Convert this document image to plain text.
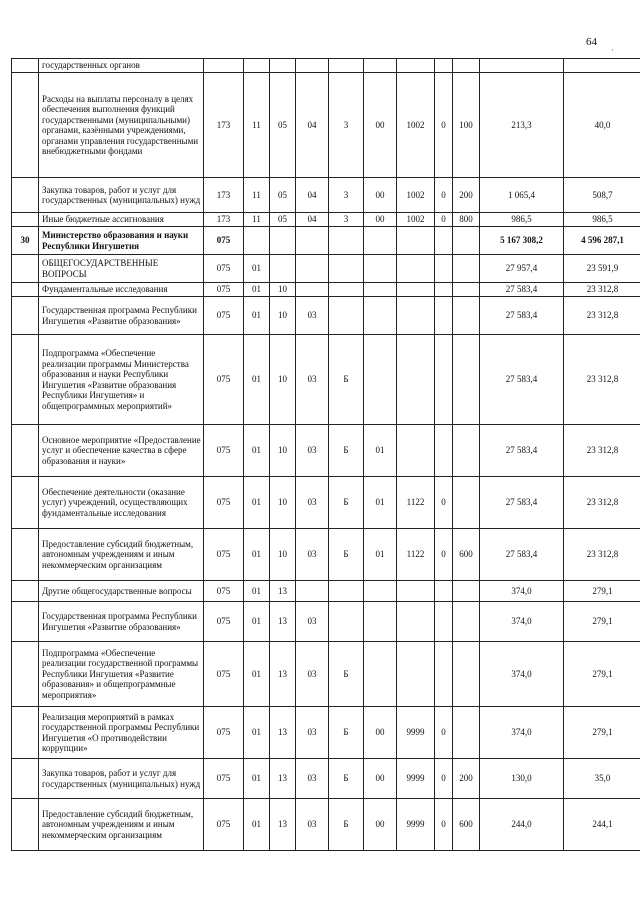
64
·
	государственных органов											
	Расходы на выплаты персоналу в целях обеспечения выполнения функций государственными (муниципальными) органами, казёнными учреждениями, органами управления государственными внебюджетными фондами	173	11	05	04	3	00	1002	0	100	213,3	40,0
	Закупка товаров, работ и услуг для государственных (муниципальных) нужд	173	11	05	04	3	00	1002	0	200	1 065,4	508,7
	Иные бюджетные ассигнования	173	11	05	04	3	00	1002	0	800	986,5	986,5
30	Министерство образования и науки Республики Ингушетия	075									5 167 308,2	4 596 287,1
	ОБЩЕГОСУДАРСТВЕННЫЕ ВОПРОСЫ	075	01								27 957,4	23 591,9
	Фундаментальные исследования	075	01	10							27 583,4	23 312,8
	Государственная программа Республики Ингушетия «Развитие образования»	075	01	10	03						27 583,4	23 312,8
	Подпрограмма «Обеспечение реализации программы Министерства образования и науки Республики Ингушетия «Развитие образования Республики Ингушетия» и общепрограммных мероприятий»	075	01	10	03	Б					27 583,4	23 312,8
	Основное мероприятие «Предоставление услуг и обеспечение качества в сфере образования и науки»	075	01	10	03	Б	01				27 583,4	23 312,8
	Обеспечение деятельности (оказание услуг) учреждений, осуществляющих фундаментальные исследования	075	01	10	03	Б	01	1122	0		27 583,4	23 312,8
	Предоставление субсидий бюджетным, автономным учреждениям и иным некоммерческим организациям	075	01	10	03	Б	01	1122	0	600	27 583,4	23 312,8
	Другие общегосударственные вопросы	075	01	13							374,0	279,1
	Государственная программа Республики Ингушетия «Развитие образования»	075	01	13	03						374,0	279,1
	Подпрограмма «Обеспечение реализации государственной программы Республики Ингушетия «Развитие образования» и общепрограммные мероприятия»	075	01	13	03	Б					374,0	279,1
	Реализация мероприятий в рамках государственной программы Республики Ингушетия «О противодействии коррупции»	075	01	13	03	Б	00	9999	0		374,0	279,1
	Закупка товаров, работ и услуг для государственных (муниципальных) нужд	075	01	13	03	Б	00	9999	0	200	130,0	35,0
	Предоставление субсидий бюджетным, автономным учреждениям и иным некоммерческим организациям	075	01	13	03	Б	00	9999	0	600	244,0	244,1
